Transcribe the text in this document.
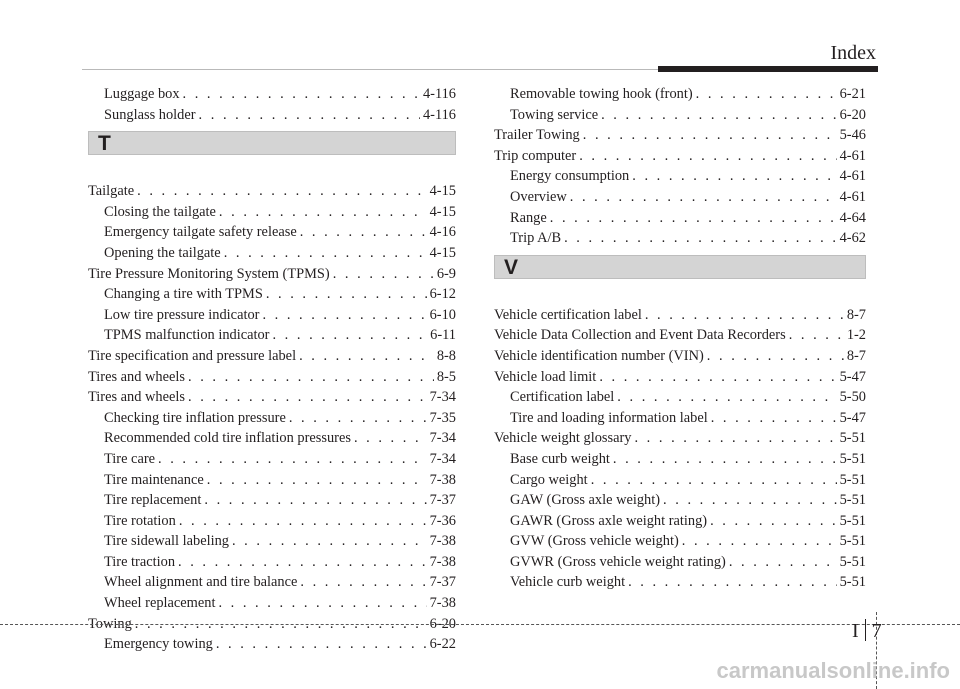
Index
Luggage box . . .	4-116
Sunglass holder . . .	4-116
T
Tailgate . . .	4-15
Closing the tailgate . . .	4-15
Emergency tailgate safety release . . .	4-16
Opening the tailgate . . .	4-15
Tire Pressure Monitoring System (TPMS) . . .	6-9
Changing a tire with TPMS . . .	6-12
Low tire pressure indicator . . .	6-10
TPMS malfunction indicator . . .	6-11
Tire specification and pressure label . . .	8-8
Tires and wheels . . .	8-5
Tires and wheels . . .	7-34
Checking tire inflation pressure . . .	7-35
Recommended cold tire inflation pressures . . .	7-34
Tire care . . .	7-34
Tire maintenance . . .	7-38
Tire replacement . . .	7-37
Tire rotation . . .	7-36
Tire sidewall labeling . . .	7-38
Tire traction . . .	7-38
Wheel alignment and tire balance . . .	7-37
Wheel replacement . . .	7-38
Towing . . .	6-20
Emergency towing . . .	6-22
Removable towing hook (front) . . .	6-21
Towing service . . .	6-20
Trailer Towing . . .	5-46
Trip computer . . .	4-61
Energy consumption . . .	4-61
Overview . . .	4-61
Range . . .	4-64
Trip A/B . . .	4-62
V
Vehicle certification label . . .	8-7
Vehicle Data Collection and Event Data Recorders . . .	1-2
Vehicle identification number (VIN) . . .	8-7
Vehicle load limit . . .	5-47
Certification label . . .	5-50
Tire and loading information label . . .	5-47
Vehicle weight glossary . . .	5-51
Base curb weight . . .	5-51
Cargo weight . . .	5-51
GAW (Gross axle weight) . . .	5-51
GAWR (Gross axle weight rating) . . .	5-51
GVW (Gross vehicle weight) . . .	5-51
GVWR (Gross vehicle weight rating) . . .	5-51
Vehicle curb weight . . .	5-51
I 7
carmanualsonline.info
